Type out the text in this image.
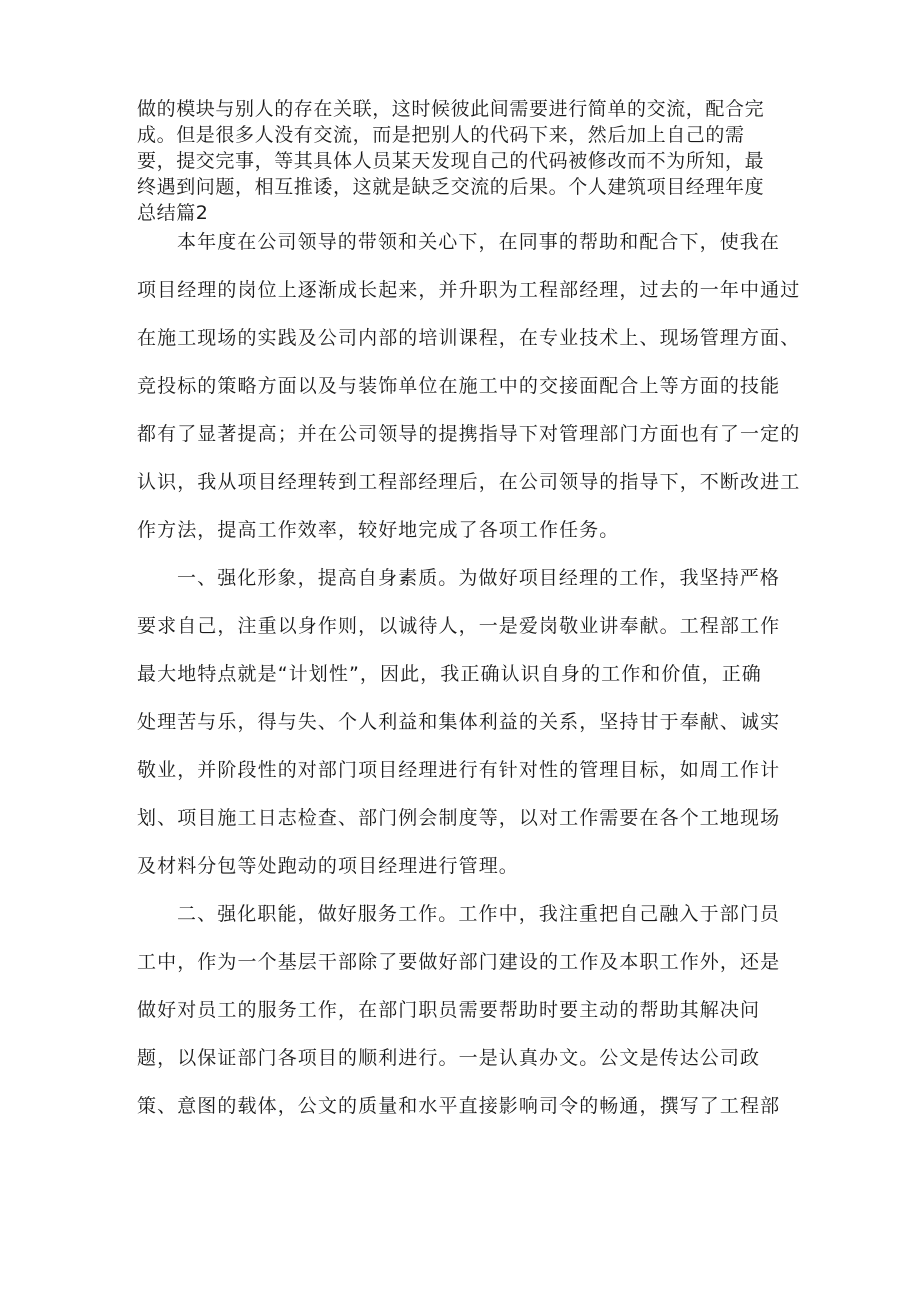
做的模块与别人的存在关联，这时候彼此间需要进行简单的交流，配合完
成。但是很多人没有交流，而是把别人的代码下来，然后加上自己的需
要，提交完事，等其具体人员某天发现自己的代码被修改而不为所知，最
终遇到问题，相互推诿，这就是缺乏交流的后果。个人建筑项目经理年度
总结篇2
本年度在公司领导的带领和关心下，在同事的帮助和配合下，使我在
项目经理的岗位上逐渐成长起来，并升职为工程部经理，过去的一年中通过
在施工现场的实践及公司内部的培训课程，在专业技术上、现场管理方面、
竞投标的策略方面以及与装饰单位在施工中的交接面配合上等方面的技能
都有了显著提高；并在公司领导的提携指导下对管理部门方面也有了一定的
认识，我从项目经理转到工程部经理后，在公司领导的指导下，不断改进工
作方法，提高工作效率，较好地完成了各项工作任务。
一、强化形象，提高自身素质。为做好项目经理的工作，我坚持严格
要求自己，注重以身作则，以诚待人，一是爱岗敬业讲奉献。工程部工作
最大地特点就是“计划性”，因此，我正确认识自身的工作和价值，正确
处理苦与乐，得与失、个人利益和集体利益的关系，坚持甘于奉献、诚实
敬业，并阶段性的对部门项目经理进行有针对性的管理目标，如周工作计
划、项目施工日志检查、部门例会制度等，以对工作需要在各个工地现场
及材料分包等处跑动的项目经理进行管理。
二、强化职能，做好服务工作。工作中，我注重把自己融入于部门员
工中，作为一个基层干部除了要做好部门建设的工作及本职工作外，还是
做好对员工的服务工作，在部门职员需要帮助时要主动的帮助其解决问
题，以保证部门各项目的顺利进行。一是认真办文。公文是传达公司政
策、意图的载体，公文的质量和水平直接影响司令的畅通，撰写了工程部
